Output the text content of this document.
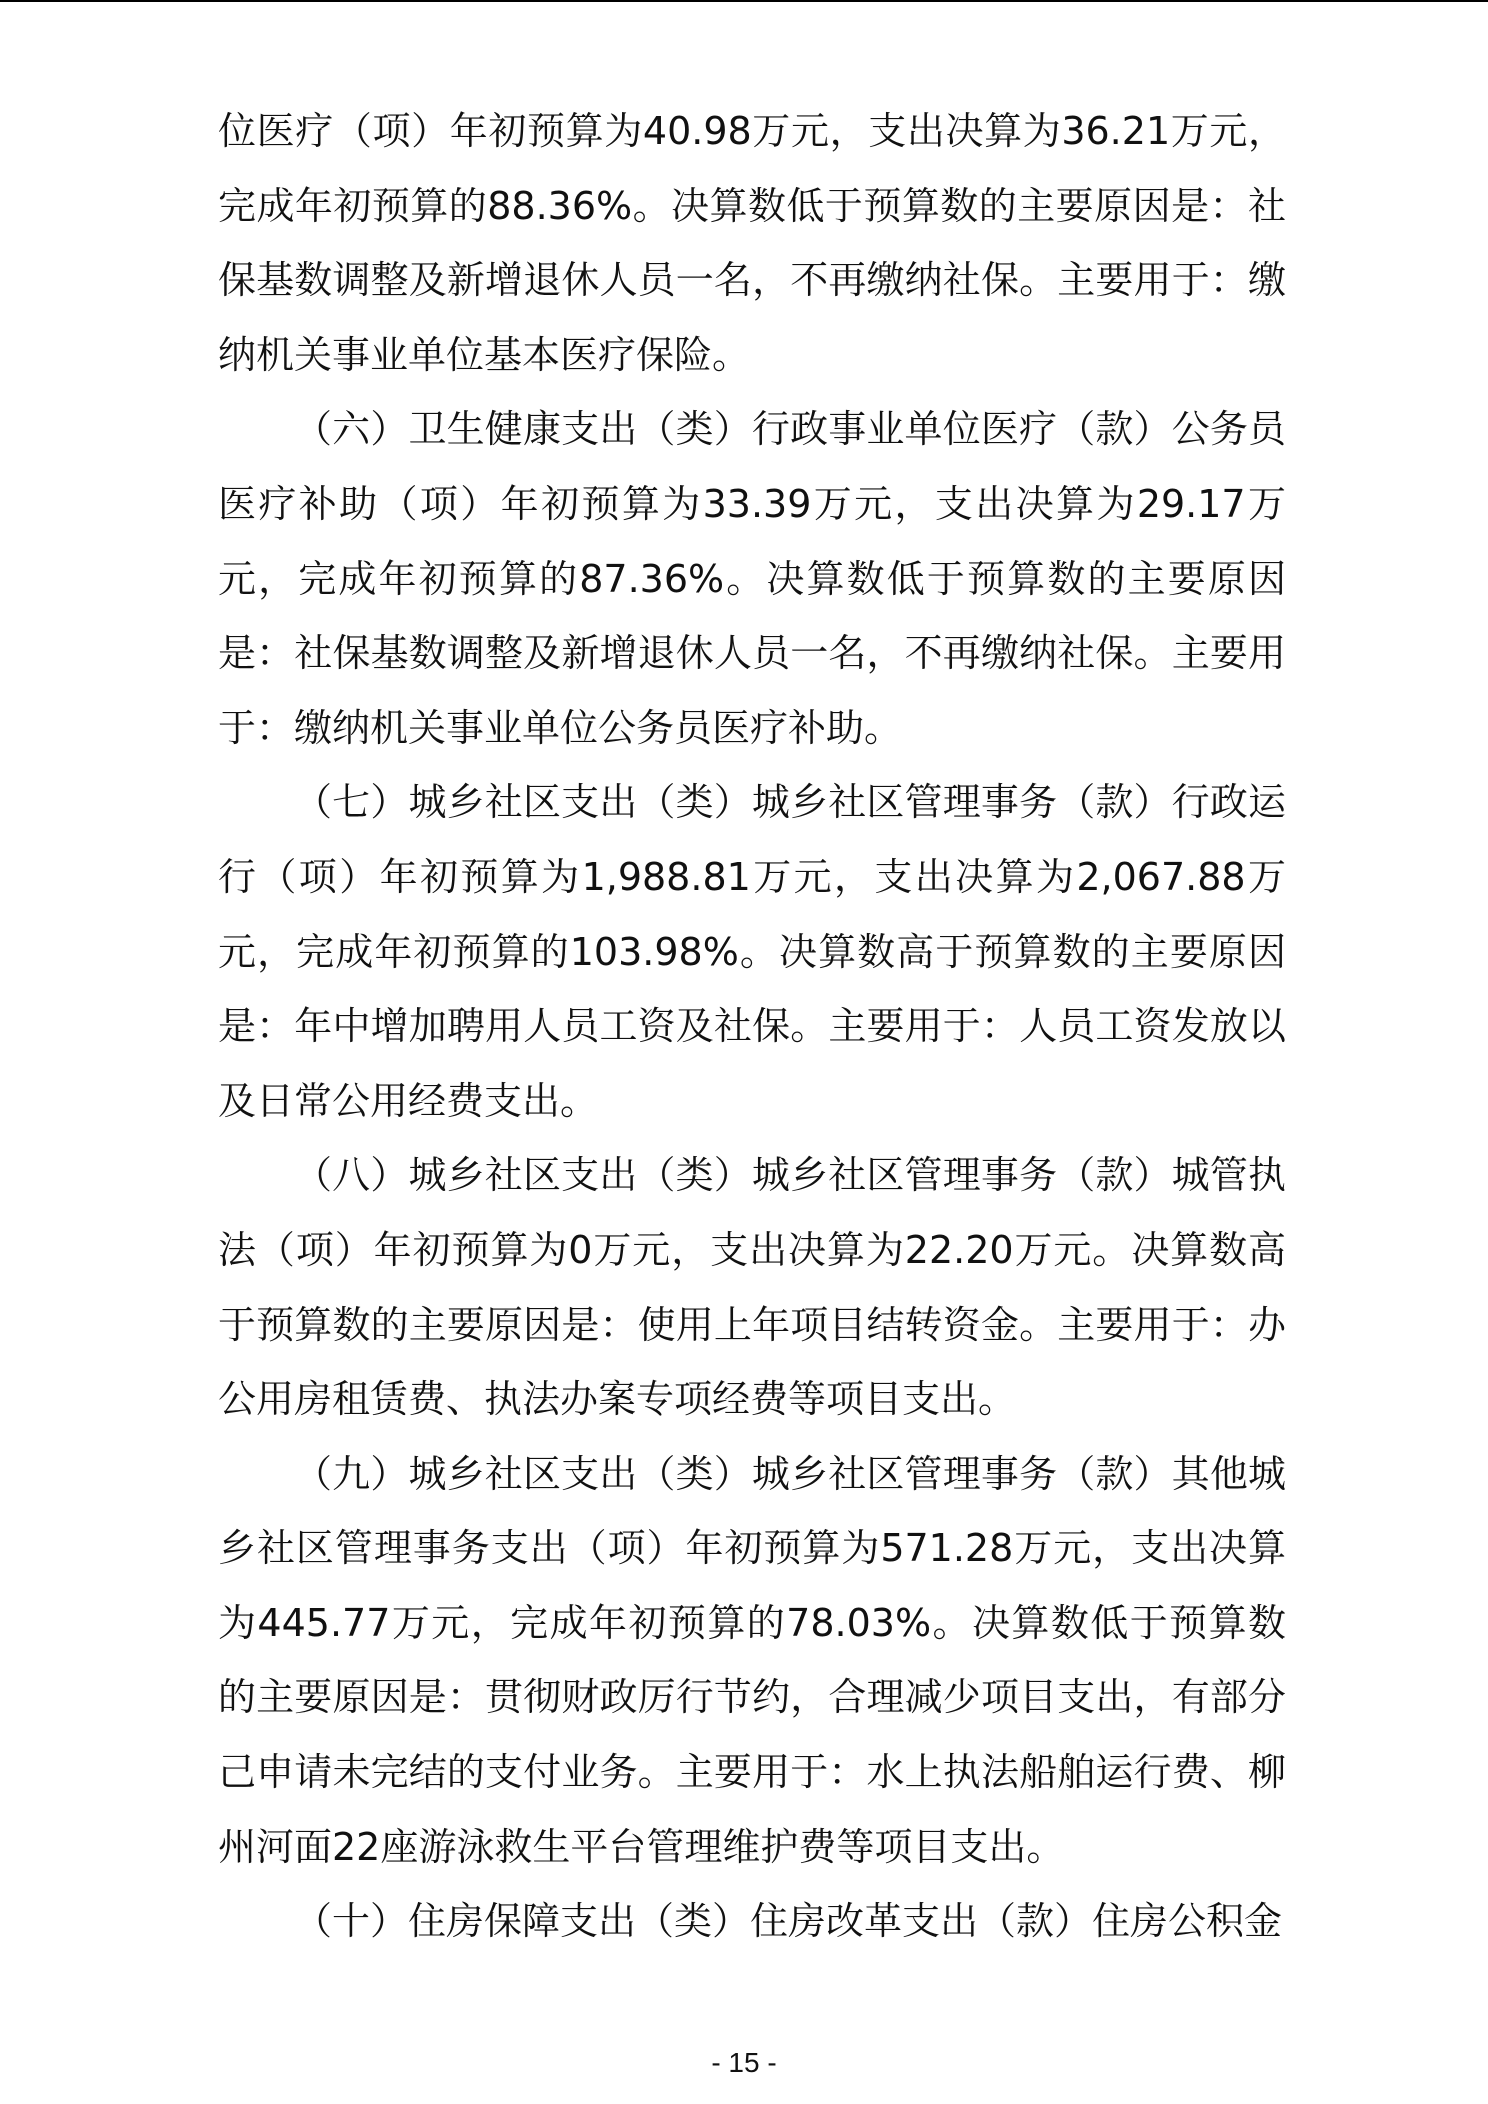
位医疗（项）年初预算为40.98万元，支出决算为36.21万元，完成年初预算的88.36%。决算数低于预算数的主要原因是：社保基数调整及新增退休人员一名，不再缴纳社保。主要用于：缴纳机关事业单位基本医疗保险。

（六）卫生健康支出（类）行政事业单位医疗（款）公务员医疗补助（项）年初预算为33.39万元，支出决算为29.17万元，完成年初预算的87.36%。决算数低于预算数的主要原因是：社保基数调整及新增退休人员一名，不再缴纳社保。主要用于：缴纳机关事业单位公务员医疗补助。

（七）城乡社区支出（类）城乡社区管理事务（款）行政运行（项）年初预算为1,988.81万元，支出决算为2,067.88万元，完成年初预算的103.98%。决算数高于预算数的主要原因是：年中增加聘用人员工资及社保。主要用于：人员工资发放以及日常公用经费支出。

（八）城乡社区支出（类）城乡社区管理事务（款）城管执法（项）年初预算为0万元，支出决算为22.20万元。决算数高于预算数的主要原因是：使用上年项目结转资金。主要用于：办公用房租赁费、执法办案专项经费等项目支出。

（九）城乡社区支出（类）城乡社区管理事务（款）其他城乡社区管理事务支出（项）年初预算为571.28万元，支出决算为445.77万元，完成年初预算的78.03%。决算数低于预算数的主要原因是：贯彻财政厉行节约，合理减少项目支出，有部分己申请未完结的支付业务。主要用于：水上执法船舶运行费、柳州河面22座游泳救生平台管理维护费等项目支出。

（十）住房保障支出（类）住房改革支出（款）住房公积金

- 15 -
